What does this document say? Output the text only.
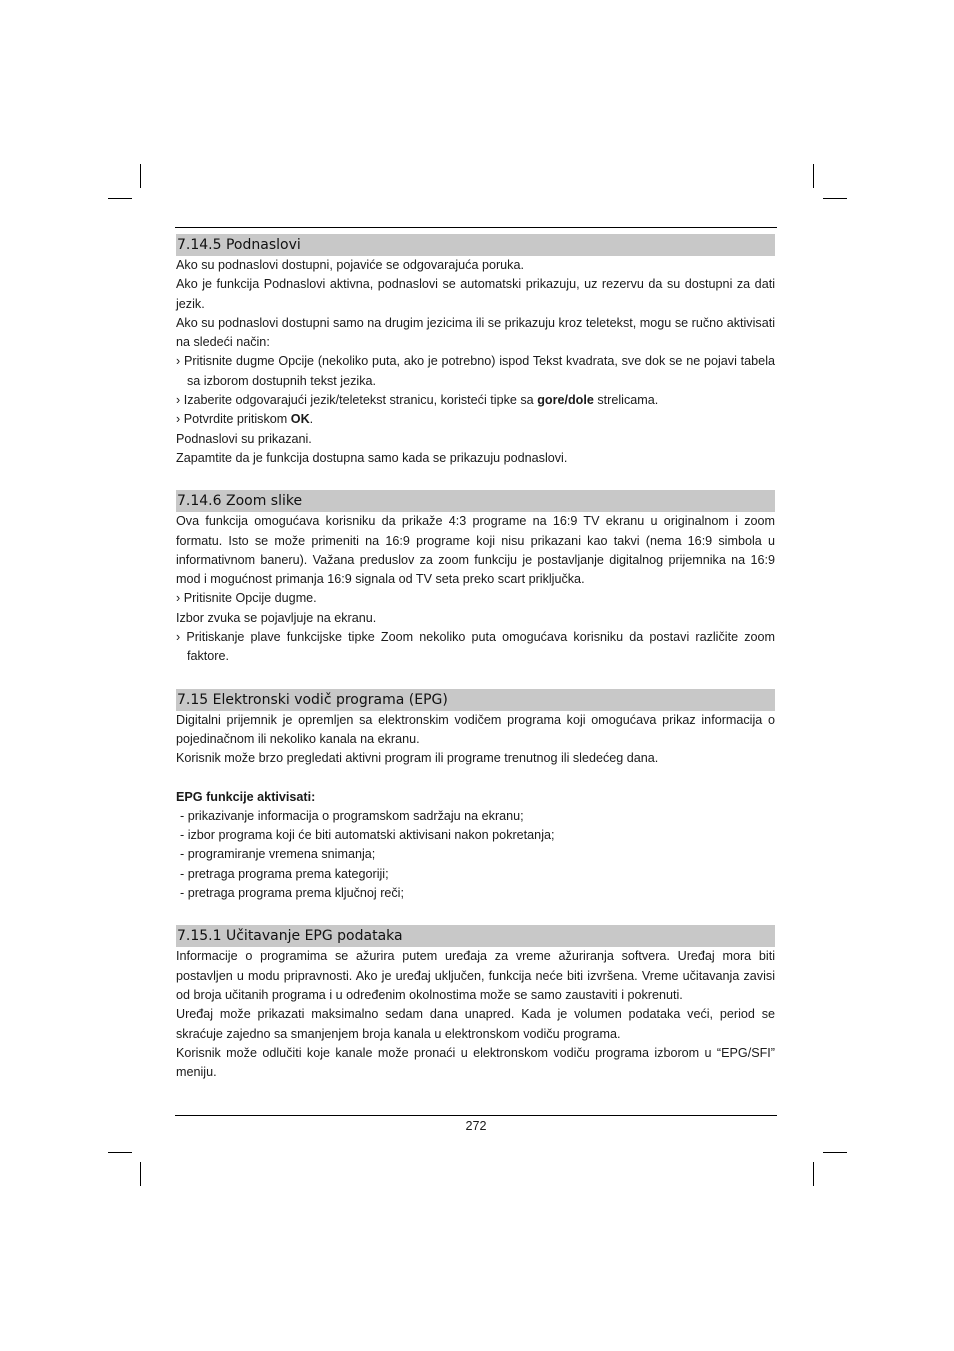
7.14.5 Podnaslovi

Ako su podnaslovi dostupni, pojaviće se odgovarajuća poruka.

Ako je funkcija Podnaslovi aktivna, podnaslovi se automatski prikazuju, uz rezervu da su dostupni za dati jezik.

Ako su podnaslovi dostupni samo na drugim jezicima ili se prikazuju kroz teletekst, mogu se ručno aktivisati na sledeći način:

› Pritisnite dugme Opcije (nekoliko puta, ako je potrebno) ispod Tekst kvadrata, sve dok se ne pojavi tabela sa izborom dostupnih tekst jezika.

› Izaberite odgovarajući jezik/teletekst stranicu, koristeći tipke sa gore/dole strelicama.

› Potvrdite pritiskom OK.

Podnaslovi su prikazani.

Zapamtite da je funkcija dostupna samo kada se prikazuju podnaslovi.

7.14.6 Zoom slike

Ova funkcija omogućava korisniku da prikaže 4:3 programe na 16:9 TV ekranu u originalnom i zoom formatu. Isto se može primeniti na 16:9 programe koji nisu prikazani kao takvi (nema 16:9 simbola u informativnom baneru). Važana preduslov za zoom funkciju je postavljanje digitalnog prijemnika na 16:9 mod i mogućnost primanja 16:9 signala od TV seta preko scart priključka.

› Pritisnite Opcije dugme.

Izbor zvuka se pojavljuje na ekranu.

› Pritiskanje plave funkcijske tipke Zoom nekoliko puta omogućava korisniku da postavi različite zoom faktore.

7.15 Elektronski vodič programa (EPG)

Digitalni prijemnik je opremljen sa elektronskim vodičem programa koji omogućava prikaz informacija o pojedinačnom ili nekoliko kanala na ekranu.

Korisnik može brzo pregledati aktivni program ili programe trenutnog ili sledećeg dana.

EPG funkcije aktivisati:

- prikazivanje informacija o programskom sadržaju na ekranu;

- izbor programa koji će biti automatski aktivisani nakon pokretanja;

- programiranje vremena snimanja;

- pretraga programa prema kategoriji;

- pretraga programa prema ključnoj reči;

7.15.1 Učitavanje EPG podataka

Informacije o programima se ažurira putem uređaja za vreme ažuriranja softvera. Uređaj mora biti postavljen u modu pripravnosti. Ako je uređaj uključen, funkcija neće biti izvršena. Vreme učitavanja zavisi od broja učitanih programa i u određenim okolnostima može se samo zaustaviti i pokrenuti.

Uređaj može prikazati maksimalno sedam dana unapred. Kada je volumen podataka veći, period se skraćuje zajedno sa smanjenjem broja kanala u elektronskom vodiču programa.

Korisnik može odlučiti koje kanale može pronaći u elektronskom vodiču programa izborom u “EPG/SFI” meniju.

272
